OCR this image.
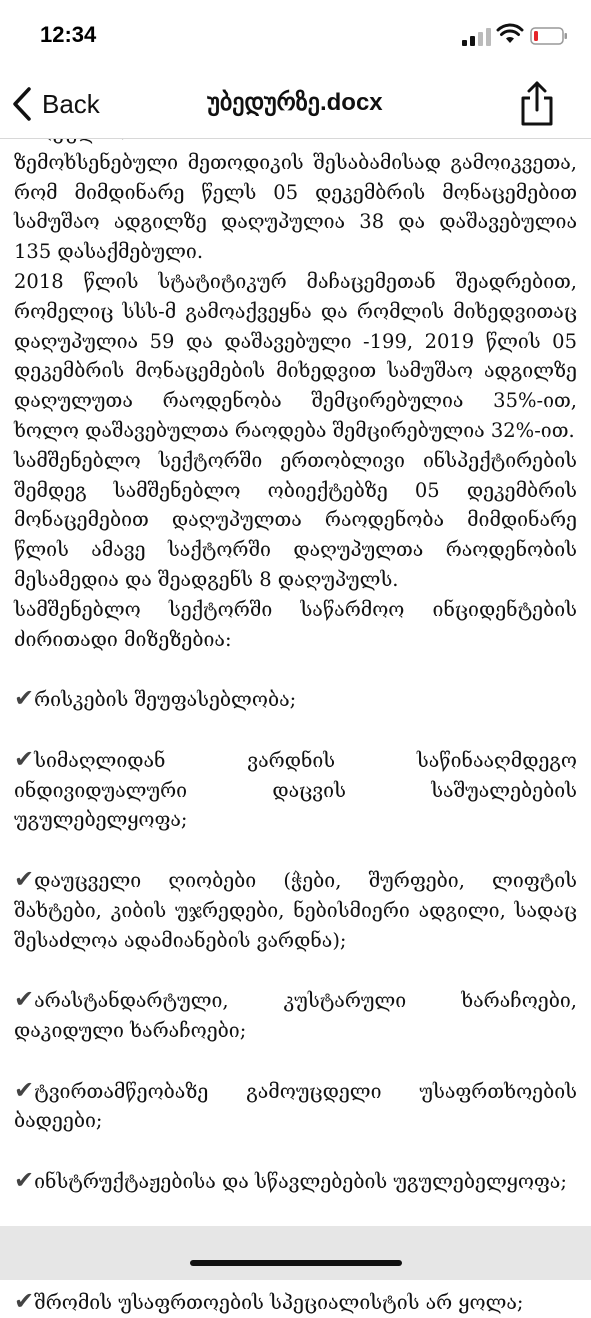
12:34
Back	უბედურზე.docx

ზემოხსენებული მეთოდიკის შესაბამისად გამოიკვეთა, რომ მიმდინარე წელს 05 დეკემბრის მონაცემებით სამუშაო ადგილზე დაღუპულია 38 და დაშავებულია 135 დასაქმებული.

2018 წლის სტატიტიკურ მაჩაცემეთან შეადრებით, რომელიც სსს-მ გამოაქვეყნა და რომლის მიხედვითაც დაღუპულია 59 და დაშავებული -199, 2019 წლის 05 დეკემბრის მონაცემების მიხედვით სამუშაო ადგილზე დაღულუთა რაოდენობა შემცირებულია 35%-ით, ხოლო დაშავებულთა რაოდება შემცირებულია 32%-ით.

სამშენებლო სექტორში ერთობლივი ინსპექტირების შემდეგ სამშენებლო ობიექტებზე 05 დეკემბრის მონაცემებით დაღუპულთა რაოდენობა მიმდინარე წლის ამავე საქტორში დაღუპულთა რაოდენობის მესამედია და შეადგენს 8 დაღუპულს.

სამშენებლო სექტორში საწარმოო ინციდენტების ძირითადი მიზეზებია:

✔რისკების შეუფასებლობა;

✔სიმაღლიდან ვარდნის საწინააღმდეგო ინდივიდუალური დაცვის საშუალებების უგულებელყოფა;

✔დაუცველი ღიობები (ჭები, შურფები, ლიფტის შახტები, კიბის უჯრედები, ნებისმიერი ადგილი, სადაც შესაძლოა ადამიანების ვარდნა);

✔არასტანდარტული, კუსტარული ხარაჩოები, დაკიდული ხარაჩოები;

✔ტვირთამწეობაზე გამოუცდელი უსაფრთხოების ბადეები;

✔ინსტრუქტაჟებისა და სწავლებების უგულებელყოფა;

✔შრომის უსაფრთოების სპეციალისტის არ ყოლა;
